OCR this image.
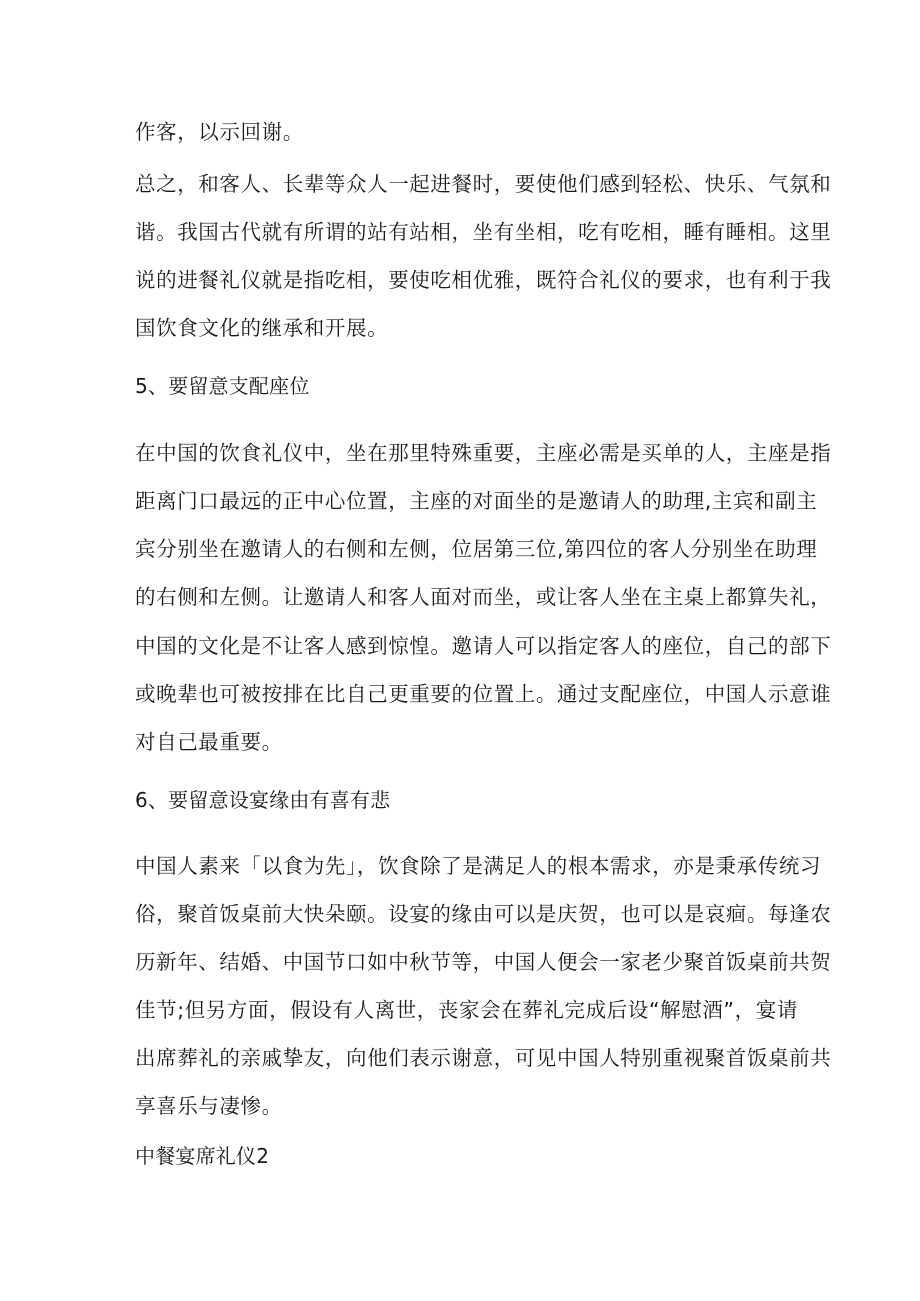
作客，以示回谢。
总之，和客人、长辈等众人一起进餐时，要使他们感到轻松、快乐、气氛和
谐。我国古代就有所谓的站有站相，坐有坐相，吃有吃相，睡有睡相。这里
说的进餐礼仪就是指吃相，要使吃相优雅，既符合礼仪的要求，也有利于我
国饮食文化的继承和开展。
5、要留意支配座位
在中国的饮食礼仪中，坐在那里特殊重要，主座必需是买单的人，主座是指
距离门口最远的正中心位置，主座的对面坐的是邀请人的助理,主宾和副主
宾分别坐在邀请人的右侧和左侧，位居第三位,第四位的客人分别坐在助理
的右侧和左侧。让邀请人和客人面对而坐，或让客人坐在主桌上都算失礼，
中国的文化是不让客人感到惊惶。邀请人可以指定客人的座位，自己的部下
或晚辈也可被按排在比自己更重要的位置上。通过支配座位，中国人示意谁
对自己最重要。
6、要留意设宴缘由有喜有悲
中国人素来「以食为先」，饮食除了是满足人的根本需求，亦是秉承传统习
俗，聚首饭桌前大快朵颐。设宴的缘由可以是庆贺，也可以是哀痐。每逢农
历新年、结婚、中国节口如中秋节等，中国人便会一家老少聚首饭桌前共贺
佳节;但另方面，假设有人离世，丧家会在葬礼完成后设“解慰酒”，宴请
出席葬礼的亲戚挚友，向他们表示谢意，可见中国人特别重视聚首饭桌前共
享喜乐与凄惨。
中餐宴席礼仪2
